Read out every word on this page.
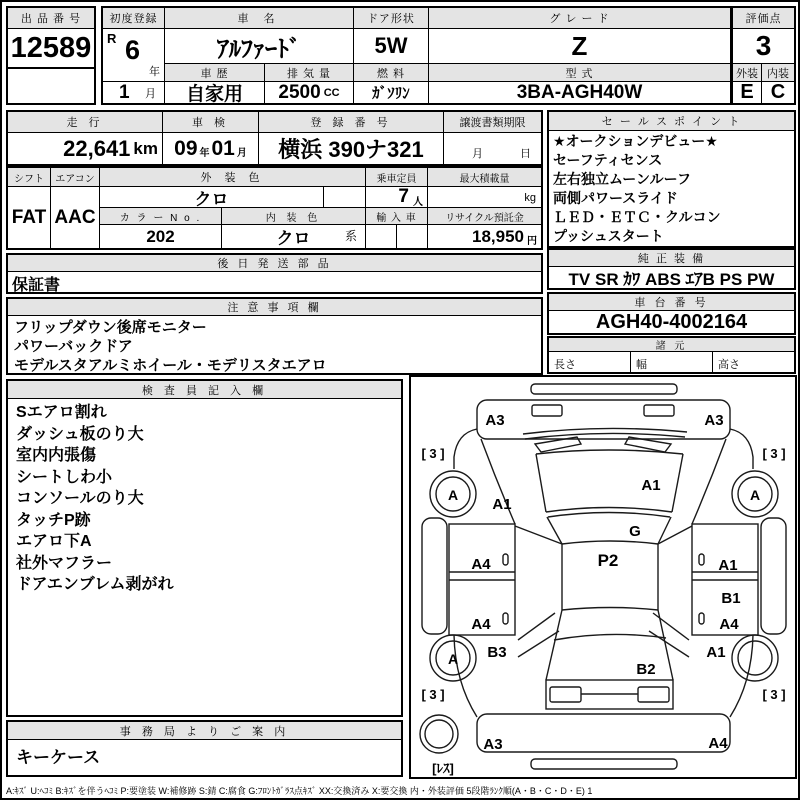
出 品 番 号
12589
初度登録
R 6
年
1 月
車 名
ｱﾙﾌｧｰﾄﾞ
車 歴
自家用
排 気 量
2500 CC
ドア形状
5W
燃 料
ｶﾞｿﾘﾝ
グ レ ー ド
Z
型 式
3BA-AGH40W
評価点
3
外装 内装
E C
走 行
22,641 km
車 検
09 年 01 月
登 録 番 号
横浜 390ナ321
譲渡書類期限
月	日
シフト
FAT
エアコン
AAC
外 装 色
クロ
カ ラ ー N o .
202
内 装 色
クロ	系
乗車定員
7 人
輸 入 車
最大積載量
kg
リサイクル預託金
18,950 円
後 日 発 送 部 品
保証書
注 意 事 項 欄
フリップダウン後席モニター
パワーバックドア
モデルスタアルミホイール・モデリスタエアロ
セ ー ル ス ポ イ ン ト
★オークションデビュー★
セーフティセンス
左右独立ムーンルーフ
両側パワースライド
ＬＥＤ・ＥＴＣ・クルコン
プッシュスタート
純 正 装 備
TV SR ｶﾜ ABS ｴｱB PS PW
車 台 番 号
AGH40-4002164
諸 元
長さ	幅	高さ
検 査 員 記 入 欄
Sエアロ割れ
ダッシュ板のり大
室内内張傷
シートしわ小
コンソールのり大
タッチP跡
エアロ下A
社外マフラー
ドアエンブレム剥がれ
事 務 局 よ り ご 案 内
キーケース
A3	A3
[ 3 ]	[ 3 ]
A	A
A1
A1
G
P2
A4
A4
A1
B1
A4
B3	A1
A
B2
[ 3 ]	[ 3 ]
A3	A4
[ﾚｽ]
A:ｷｽﾞ U:ﾍｺﾐ B:ｷｽﾞを伴うﾍｺﾐ P:要塗装 W:補修跡 S:錆 C:腐食 G:ﾌﾛﾝﾄｶﾞﾗｽ点ｷｽﾞ XX:交換済み X:要交換 内・外装評価 5段階ﾗﾝｸ順(A・B・C・D・E) 1
